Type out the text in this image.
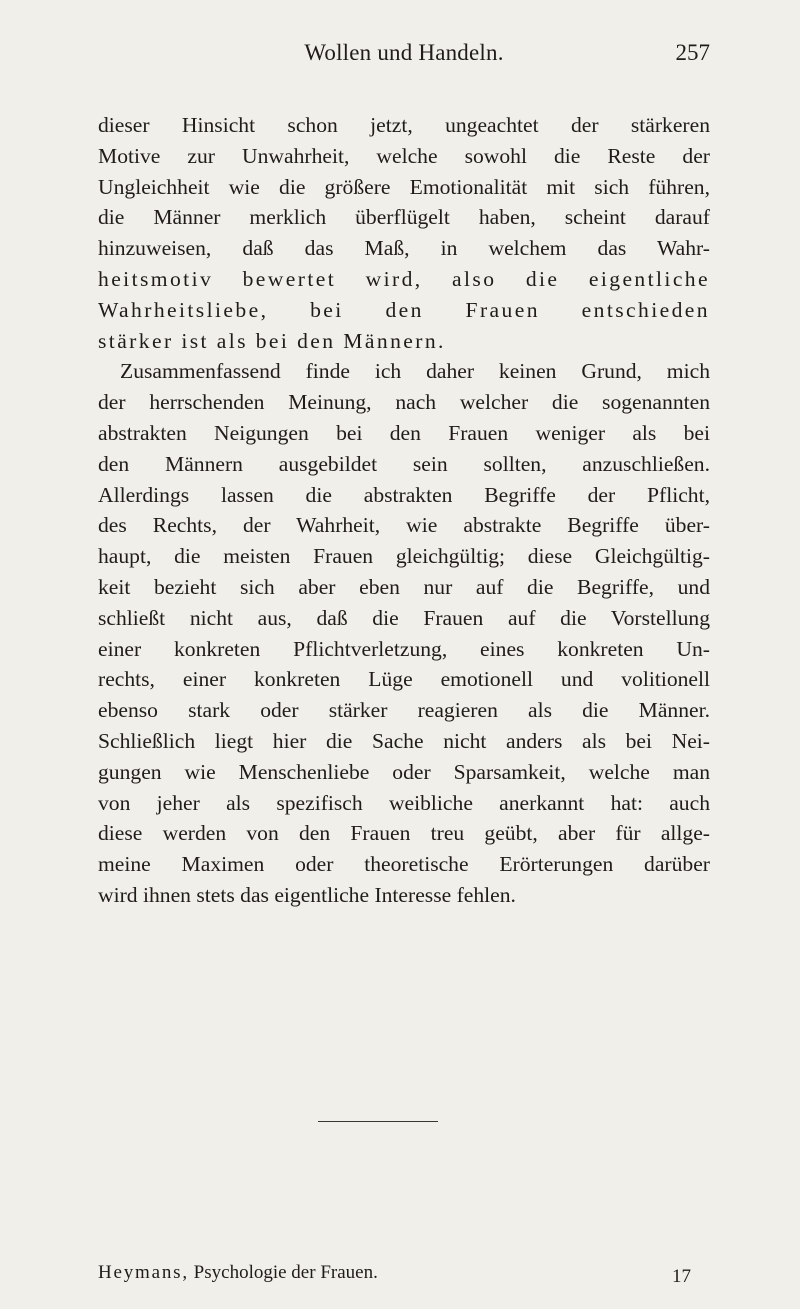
Wollen und Handeln.	257
dieser Hinsicht schon jetzt, ungeachtet der stärkeren
Motive zur Unwahrheit, welche sowohl die Reste der
Ungleichheit wie die größere Emotionalität mit sich führen,
die Männer merklich überflügelt haben, scheint darauf
hinzuweisen, daß das Maß, in welchem das Wahr-
heitsmotiv bewertet wird, also die eigentliche
Wahrheitsliebe, bei den Frauen entschieden
stärker ist als bei den Männern.
Zusammenfassend finde ich daher keinen Grund, mich
der herrschenden Meinung, nach welcher die sogenannten
abstrakten Neigungen bei den Frauen weniger als bei
den Männern ausgebildet sein sollten, anzuschließen.
Allerdings lassen die abstrakten Begriffe der Pflicht,
des Rechts, der Wahrheit, wie abstrakte Begriffe über-
haupt, die meisten Frauen gleichgültig; diese Gleichgültig-
keit bezieht sich aber eben nur auf die Begriffe, und
schließt nicht aus, daß die Frauen auf die Vorstellung
einer konkreten Pflichtverletzung, eines konkreten Un-
rechts, einer konkreten Lüge emotionell und volitionell
ebenso stark oder stärker reagieren als die Männer.
Schließlich liegt hier die Sache nicht anders als bei Nei-
gungen wie Menschenliebe oder Sparsamkeit, welche man
von jeher als spezifisch weibliche anerkannt hat: auch
diese werden von den Frauen treu geübt, aber für allge-
meine Maximen oder theoretische Erörterungen darüber
wird ihnen stets das eigentliche Interesse fehlen.
Heymans, Psychologie der Frauen.	17
